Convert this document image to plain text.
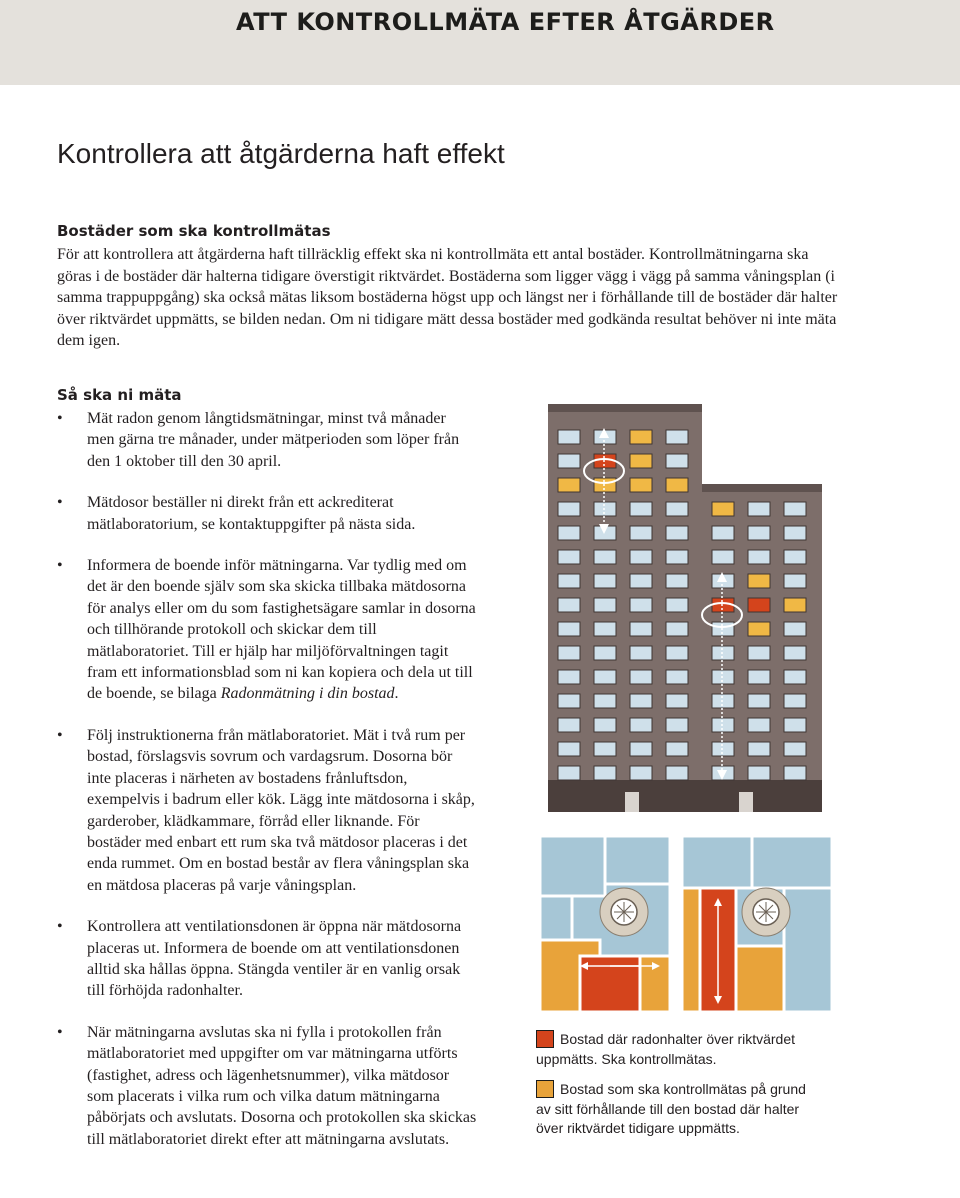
ATT KONTROLLMÄTA EFTER ÅTGÄRDER
Kontrollera att åtgärderna haft effekt
Bostäder som ska kontrollmätas
För att kontrollera att åtgärderna haft tillräcklig effekt ska ni kontrollmäta ett antal bostäder. Kontrollmätningarna ska göras i de bostäder där halterna tidigare överstigit riktvärdet. Bostäderna som ligger vägg i vägg på samma våningsplan (i samma trappuppgång) ska också mätas liksom bostäderna högst upp och längst ner i förhållande till de bostäder där halter över riktvärdet uppmätts, se bilden nedan. Om ni tidigare mätt dessa bostäder med godkända resultat behöver ni inte mäta dem igen.
Så ska ni mäta
• Mät radon genom långtidsmätningar, minst två månader men gärna tre månader, under mätperioden som löper från den 1 oktober till den 30 april.
• Mätdosor beställer ni direkt från ett ackrediterat mätlaboratorium, se kontaktuppgifter på nästa sida.
• Informera de boende inför mätningarna. Var tydlig med om det är den boende själv som ska skicka tillbaka mätdosorna för analys eller om du som fastighetsägare samlar in dosorna och tillhörande protokoll och skickar dem till mätlaboratoriet. Till er hjälp har miljöförvaltningen tagit fram ett informationsblad som ni kan kopiera och dela ut till de boende, se bilaga Radonmätning i din bostad.
• Följ instruktionerna från mätlaboratoriet. Mät i två rum per bostad, förslagsvis sovrum och vardagsrum. Dosorna bör inte placeras i närheten av bostadens frånluftsdon, exempelvis i badrum eller kök. Lägg inte mätdosorna i skåp, garderober, klädkammare, förråd eller liknande. För bostäder med enbart ett rum ska två mätdosor placeras i det enda rummet. Om en bostad består av flera våningsplan ska en mätdosa placeras på varje våningsplan.
• Kontrollera att ventilationsdonen är öppna när mätdosorna placeras ut. Informera de boende om att ventilationsdonen alltid ska hållas öppna. Stängda ventiler är en vanlig orsak till förhöjda radonhalter.
• När mätningarna avslutas ska ni fylla i protokollen från mätlaboratoriet med uppgifter om var mätningarna utförts (fastighet, adress och lägenhetsnummer), vilka mätdosor som placerats i vilka rum och vilka datum mätningarna påbörjats och avslutats. Dosorna och protokollen ska skickas till mätlaboratoriet direkt efter att mätningarna avslutats.
Bostad där radonhalter över riktvärdet uppmätts. Ska kontrollmätas.
Bostad som ska kontrollmätas på grund av sitt förhållande till den bostad där halter över riktvärdet tidigare uppmätts.
